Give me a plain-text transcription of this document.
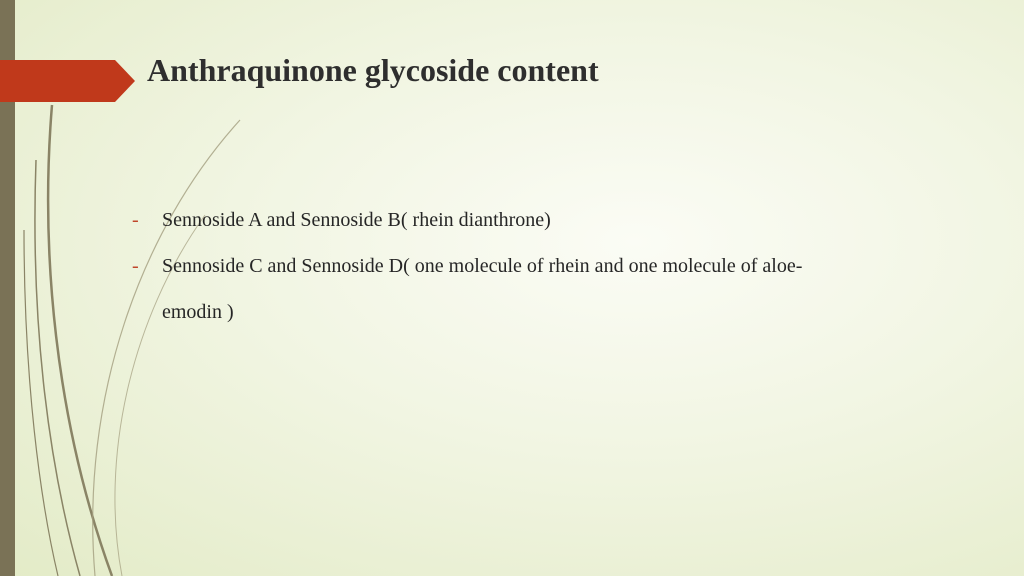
Anthraquinone glycoside content
- Sennoside A and Sennoside B( rhein dianthrone)
- Sennoside C and Sennoside D( one molecule of rhein and one molecule of aloe-emodin )
